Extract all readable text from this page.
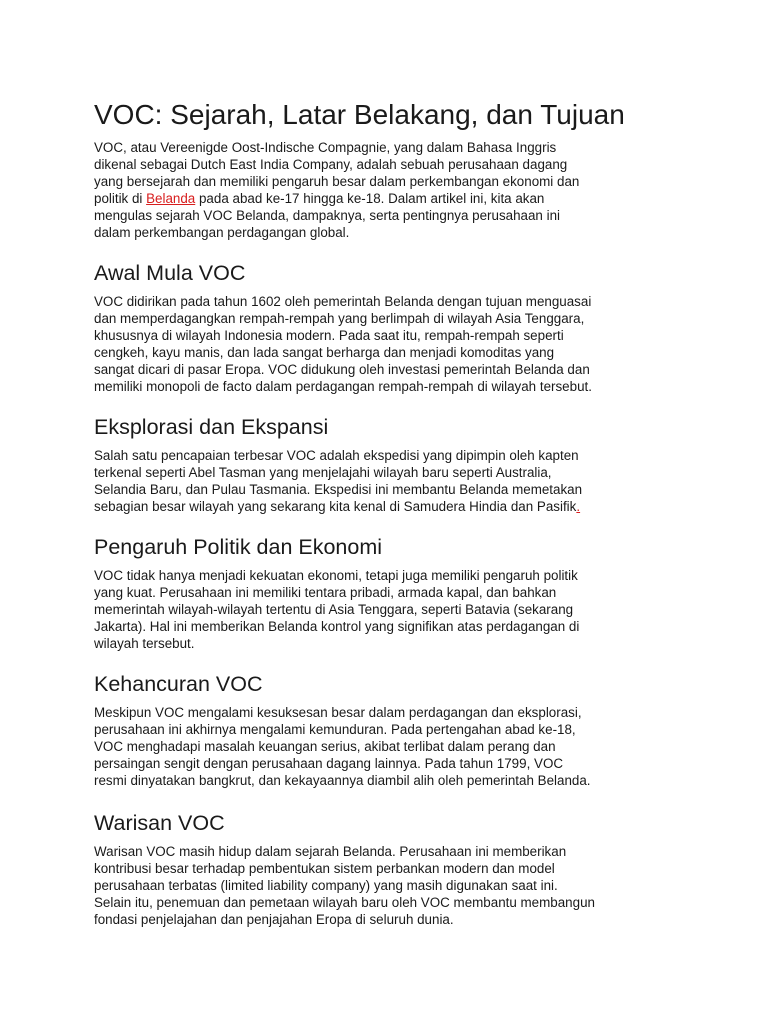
VOC: Sejarah, Latar Belakang, dan Tujuan
VOC, atau Vereenigde Oost-Indische Compagnie, yang dalam Bahasa Inggris
dikenal sebagai Dutch East India Company, adalah sebuah perusahaan dagang
yang bersejarah dan memiliki pengaruh besar dalam perkembangan ekonomi dan
politik di Belanda pada abad ke-17 hingga ke-18. Dalam artikel ini, kita akan
mengulas sejarah VOC Belanda, dampaknya, serta pentingnya perusahaan ini
dalam perkembangan perdagangan global.
Awal Mula VOC
VOC didirikan pada tahun 1602 oleh pemerintah Belanda dengan tujuan menguasai
dan memperdagangkan rempah-rempah yang berlimpah di wilayah Asia Tenggara,
khususnya di wilayah Indonesia modern. Pada saat itu, rempah-rempah seperti
cengkeh, kayu manis, dan lada sangat berharga dan menjadi komoditas yang
sangat dicari di pasar Eropa. VOC didukung oleh investasi pemerintah Belanda dan
memiliki monopoli de facto dalam perdagangan rempah-rempah di wilayah tersebut.
Eksplorasi dan Ekspansi
Salah satu pencapaian terbesar VOC adalah ekspedisi yang dipimpin oleh kapten
terkenal seperti Abel Tasman yang menjelajahi wilayah baru seperti Australia,
Selandia Baru, dan Pulau Tasmania. Ekspedisi ini membantu Belanda memetakan
sebagian besar wilayah yang sekarang kita kenal di Samudera Hindia dan Pasifik.
Pengaruh Politik dan Ekonomi
VOC tidak hanya menjadi kekuatan ekonomi, tetapi juga memiliki pengaruh politik
yang kuat. Perusahaan ini memiliki tentara pribadi, armada kapal, dan bahkan
memerintah wilayah-wilayah tertentu di Asia Tenggara, seperti Batavia (sekarang
Jakarta). Hal ini memberikan Belanda kontrol yang signifikan atas perdagangan di
wilayah tersebut.
Kehancuran VOC
Meskipun VOC mengalami kesuksesan besar dalam perdagangan dan eksplorasi,
perusahaan ini akhirnya mengalami kemunduran. Pada pertengahan abad ke-18,
VOC menghadapi masalah keuangan serius, akibat terlibat dalam perang dan
persaingan sengit dengan perusahaan dagang lainnya. Pada tahun 1799, VOC
resmi dinyatakan bangkrut, dan kekayaannya diambil alih oleh pemerintah Belanda.
Warisan VOC
Warisan VOC masih hidup dalam sejarah Belanda. Perusahaan ini memberikan
kontribusi besar terhadap pembentukan sistem perbankan modern dan model
perusahaan terbatas (limited liability company) yang masih digunakan saat ini.
Selain itu, penemuan dan pemetaan wilayah baru oleh VOC membantu membangun
fondasi penjelajahan dan penjajahan Eropa di seluruh dunia.
